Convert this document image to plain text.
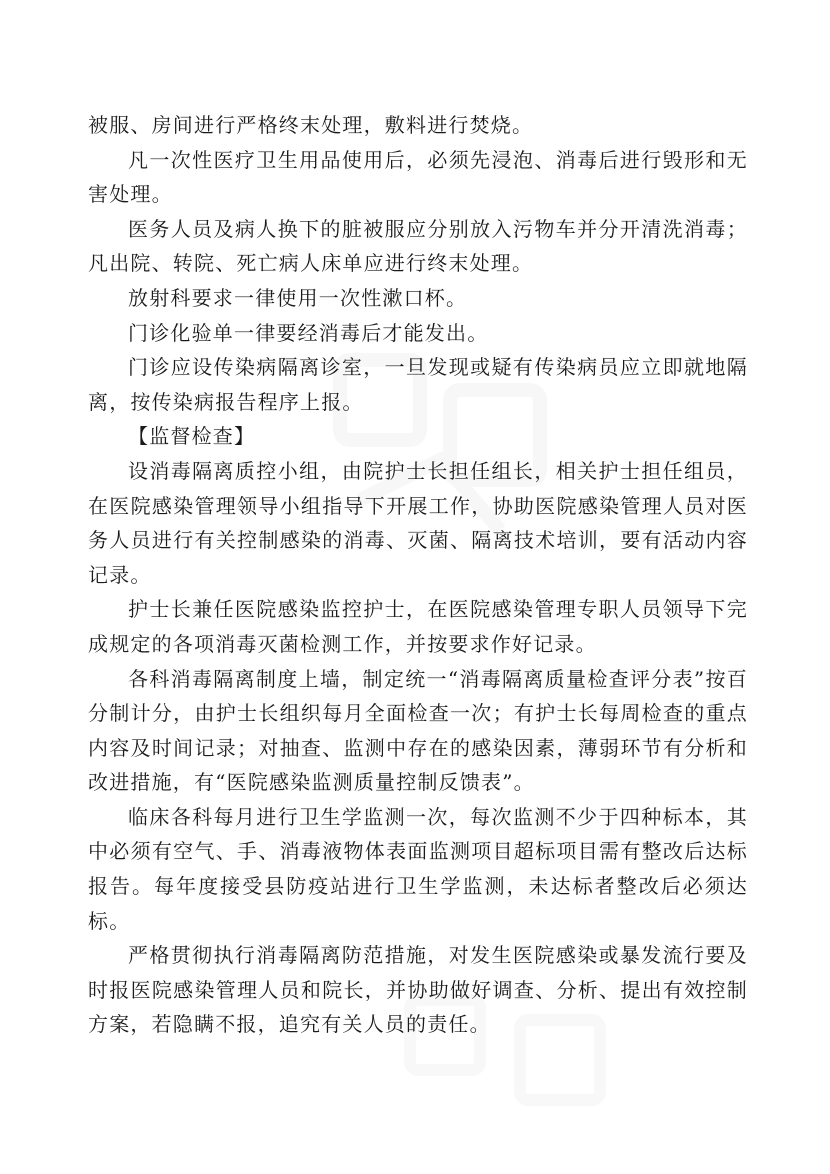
被服、房间进行严格终末处理，敷料进行焚烧。

凡一次性医疗卫生用品使用后，必须先浸泡、消毒后进行毁形和无害处理。

医务人员及病人换下的脏被服应分别放入污物车并分开清洗消毒；凡出院、转院、死亡病人床单应进行终末处理。

放射科要求一律使用一次性漱口杯。

门诊化验单一律要经消毒后才能发出。

门诊应设传染病隔离诊室，一旦发现或疑有传染病员应立即就地隔离，按传染病报告程序上报。

【监督检查】

设消毒隔离质控小组，由院护士长担任组长，相关护士担任组员，在医院感染管理领导小组指导下开展工作，协助医院感染管理人员对医务人员进行有关控制感染的消毒、灭菌、隔离技术培训，要有活动内容记录。

护士长兼任医院感染监控护士，在医院感染管理专职人员领导下完成规定的各项消毒灭菌检测工作，并按要求作好记录。

各科消毒隔离制度上墙，制定统一“消毒隔离质量检查评分表”按百分制计分，由护士长组织每月全面检查一次；有护士长每周检查的重点内容及时间记录；对抽查、监测中存在的感染因素，薄弱环节有分析和改进措施，有“医院感染监测质量控制反馈表”。

临床各科每月进行卫生学监测一次，每次监测不少于四种标本，其中必须有空气、手、消毒液物体表面监测项目超标项目需有整改后达标报告。每年度接受县防疫站进行卫生学监测，未达标者整改后必须达标。

严格贯彻执行消毒隔离防范措施，对发生医院感染或暴发流行要及时报医院感染管理人员和院长，并协助做好调查、分析、提出有效控制方案，若隐瞒不报，追究有关人员的责任。
